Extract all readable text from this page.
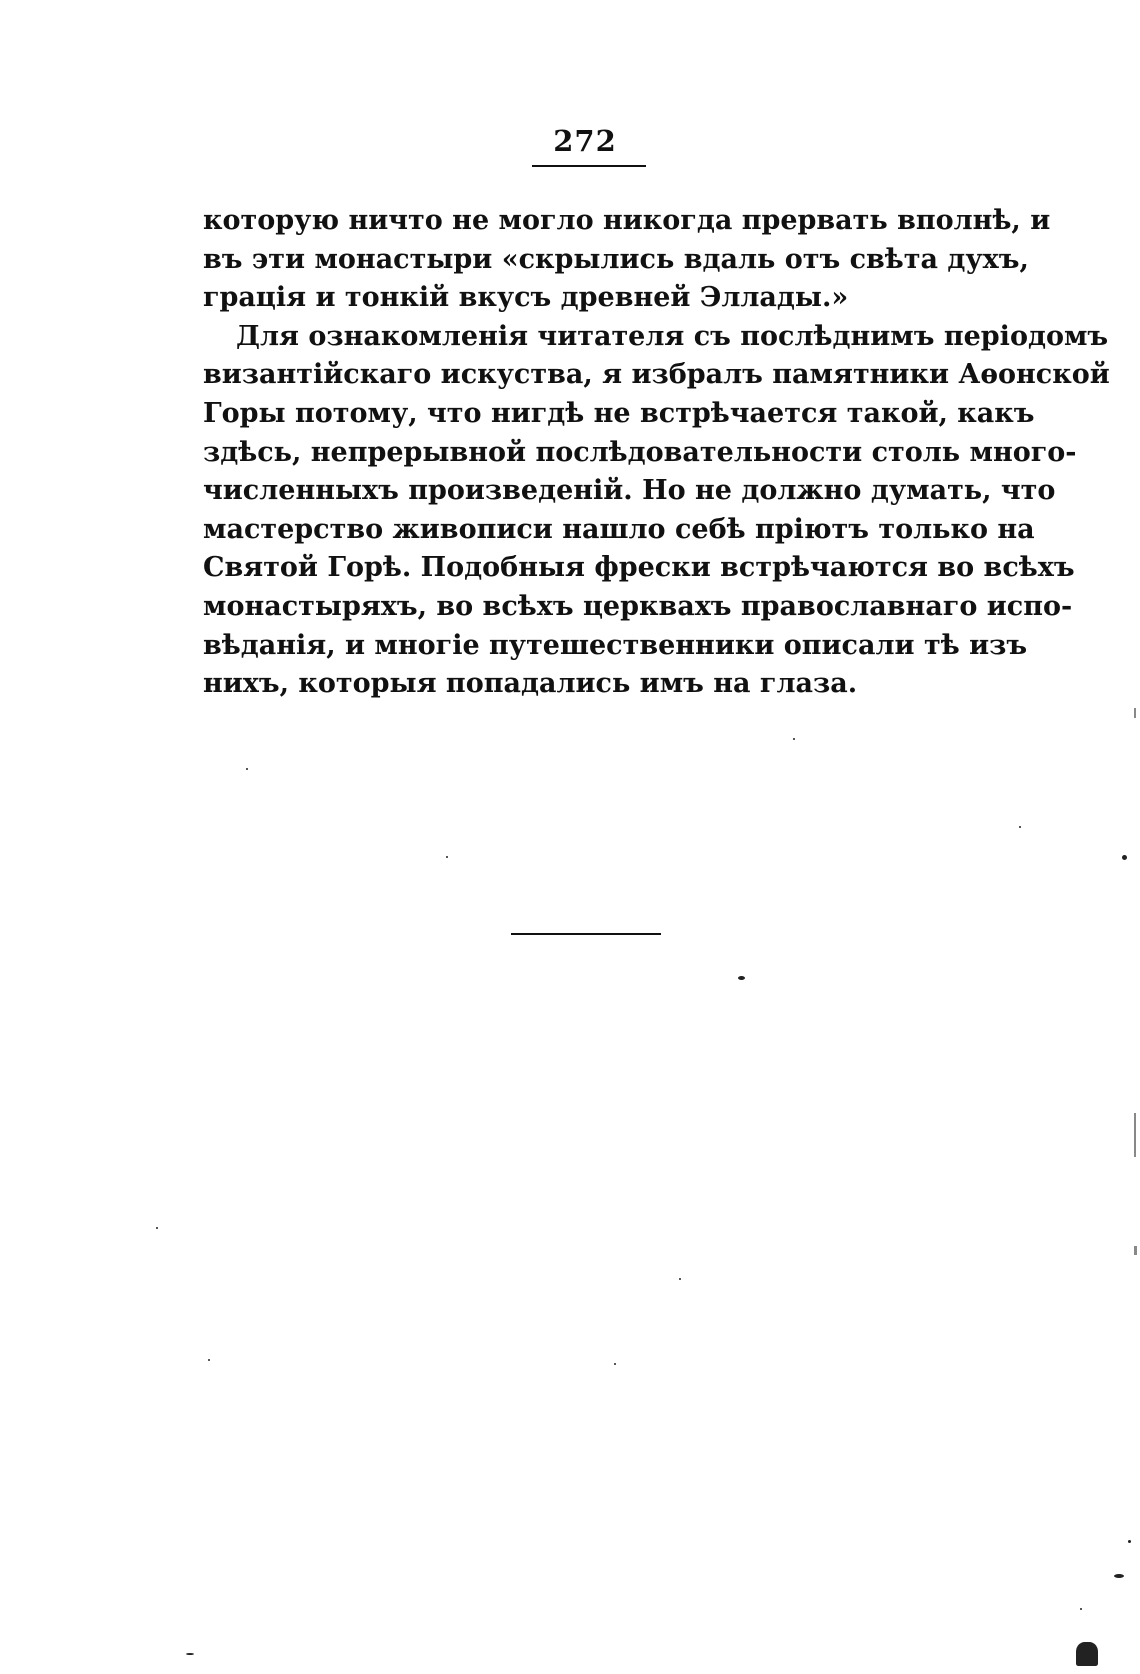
272
которую ничто не могло никогда прервать вполнѣ, и
въ эти монастыри «скрылись вдаль отъ свѣта духъ,
грація и тонкій вкусъ древней Эллады.»
Для ознакомленія читателя съ послѣднимъ періодомъ
византійскаго искуства, я избралъ памятники Аѳонской
Горы потому, что нигдѣ не встрѣчается такой, какъ
здѣсь, непрерывной послѣдовательности столь много-
численныхъ произведеній. Но не должно думать, что
мастерство живописи нашло себѣ пріютъ только на
Святой Горѣ. Подобныя фрески встрѣчаются во всѣхъ
монастыряхъ, во всѣхъ церквахъ православнаго испо-
вѣданія, и многіе путешественники описали тѣ изъ
нихъ, которыя попадались имъ на глаза.
